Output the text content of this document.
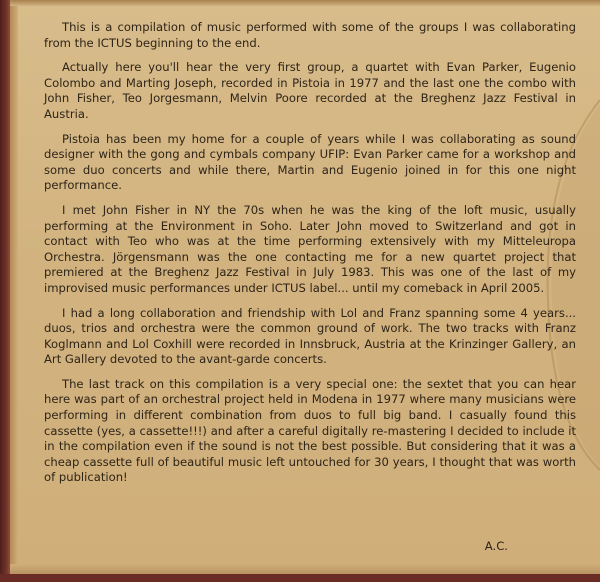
This is a compilation of music performed with some of the groups I was collaborating from the ICTUS beginning to the end.

Actually here you'll hear the very first group, a quartet with Evan Parker, Eugenio Colombo and Marting Joseph, recorded in Pistoia in 1977 and the last one the combo with John Fisher, Teo Jorgesmann, Melvin Poore recorded at the Breghenz Jazz Festival in Austria.

Pistoia has been my home for a couple of years while I was collaborating as sound designer with the gong and cymbals company UFIP: Evan Parker came for a workshop and some duo concerts and while there, Martin and Eugenio joined in for this one night performance.

I met John Fisher in NY the 70s when he was the king of the loft music, usually performing at the Environment in Soho. Later John moved to Switzerland and got in contact with Teo who was at the time performing extensively with my Mitteleuropa Orchestra. Jörgensmann was the one contacting me for a new quartet project that premiered at the Breghenz Jazz Festival in July 1983. This was one of the last of my improvised music performances under ICTUS label... until my comeback in April 2005.

I had a long collaboration and friendship with Lol and Franz spanning some 4 years... duos, trios and orchestra were the common ground of work. The two tracks with Franz Koglmann and Lol Coxhill were recorded in Innsbruck, Austria at the Krinzinger Gallery, an Art Gallery devoted to the avant-garde concerts.

The last track on this compilation is a very special one: the sextet that you can hear here was part of an orchestral project held in Modena in 1977 where many musicians were performing in different combination from duos to full big band. I casually found this cassette (yes, a cassette!!!) and after a careful digitally re-mastering I decided to include it in the compilation even if the sound is not the best possible. But considering that it was a cheap cassette full of beautiful music left untouched for 30 years, I thought that was worth of publication!

A.C.
